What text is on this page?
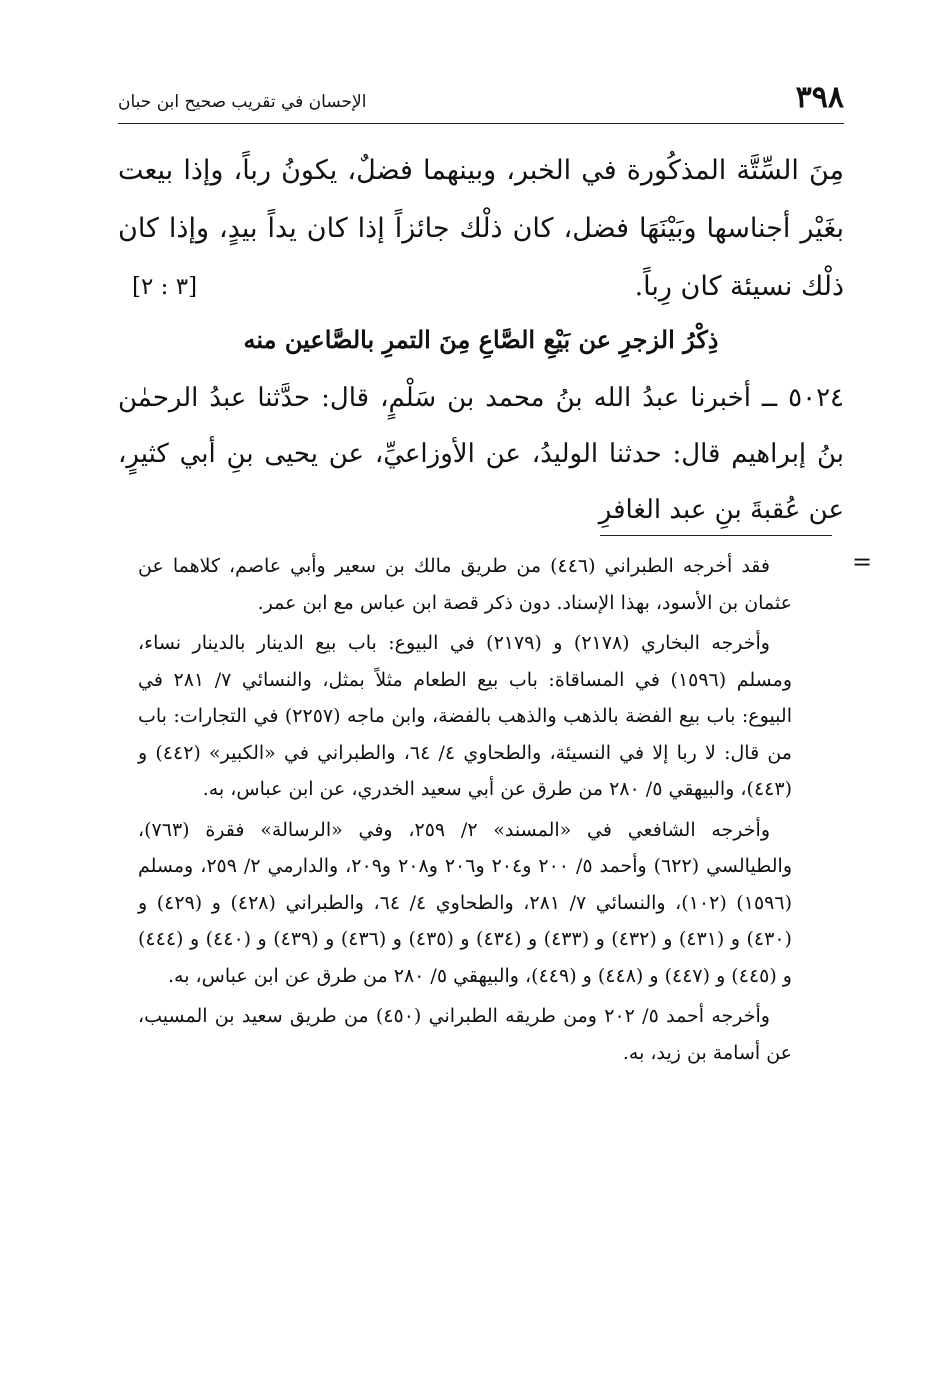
٣٩٨
الإحسان في تقريب صحيح ابن حبان

مِنَ السِّتَّة المذكُورة في الخبر، وبينهما فضلٌ، يكونُ رباً، وإذا بيعت بغَيْر أجناسها وبَيْنَهَا فضل، كان ذلْك جائزاً إذا كان يداً بيدٍ، وإذا كان ذلْك نسيئة كان رِباً.

[٣ : ٢]
ذِكْرُ الزجرِ عن بَيْعِ الصَّاعِ مِنَ التمرِ بالصَّاعين منه

٥٠٢٤ ــ أخبرنا عبدُ الله بنُ محمد بن سَلْمٍ، قال: حدَّثنا عبدُ الرحمٰن بنُ إبراهيم قال: حدثنا الوليدُ، عن الأوزاعيِّ، عن يحيى بنِ أبي كثيرٍ، عن عُقبةَ بنِ عبد الغافرِ

=

فقد أخرجه الطبراني (٤٤٦) من طريق مالك بن سعير وأبي عاصم، كلاهما عن عثمان بن الأسود، بهذا الإسناد. دون ذكر قصة ابن عباس مع ابن عمر.

وأخرجه البخاري (٢١٧٨) و (٢١٧٩) في البيوع: باب بيع الدينار بالدينار نساء، ومسلم (١٥٩٦) في المساقاة: باب بيع الطعام مثلاً بمثل، والنسائي ٧/ ٢٨١ في البيوع: باب بيع الفضة بالذهب والذهب بالفضة، وابن ماجه (٢٢٥٧) في التجارات: باب من قال: لا ربا إلا في النسيئة، والطحاوي ٤/ ٦٤، والطبراني في «الكبير» (٤٤٢) و (٤٤٣)، والبيهقي ٥/ ٢٨٠ من طرق عن أبي سعيد الخدري، عن ابن عباس، به.

وأخرجه الشافعي في «المسند» ٢/ ٢٥٩، وفي «الرسالة» فقرة (٧٦٣)، والطيالسي (٦٢٢) وأحمد ٥/ ٢٠٠ و٢٠٤ و٢٠٦ و٢٠٨ و٢٠٩، والدارمي ٢/ ٢٥٩، ومسلم (١٥٩٦) (١٠٢)، والنسائي ٧/ ٢٨١، والطحاوي ٤/ ٦٤، والطبراني (٤٢٨) و (٤٢٩) و (٤٣٠) و (٤٣١) و (٤٣٢) و (٤٣٣) و (٤٣٤) و (٤٣٥) و (٤٣٦) و (٤٣٩) و (٤٤٠) و (٤٤٤) و (٤٤٥) و (٤٤٧) و (٤٤٨) و (٤٤٩)، والبيهقي ٥/ ٢٨٠ من طرق عن ابن عباس، به.

وأخرجه أحمد ٥/ ٢٠٢ ومن طريقه الطبراني (٤٥٠) من طريق سعيد بن المسيب، عن أسامة بن زيد، به.
